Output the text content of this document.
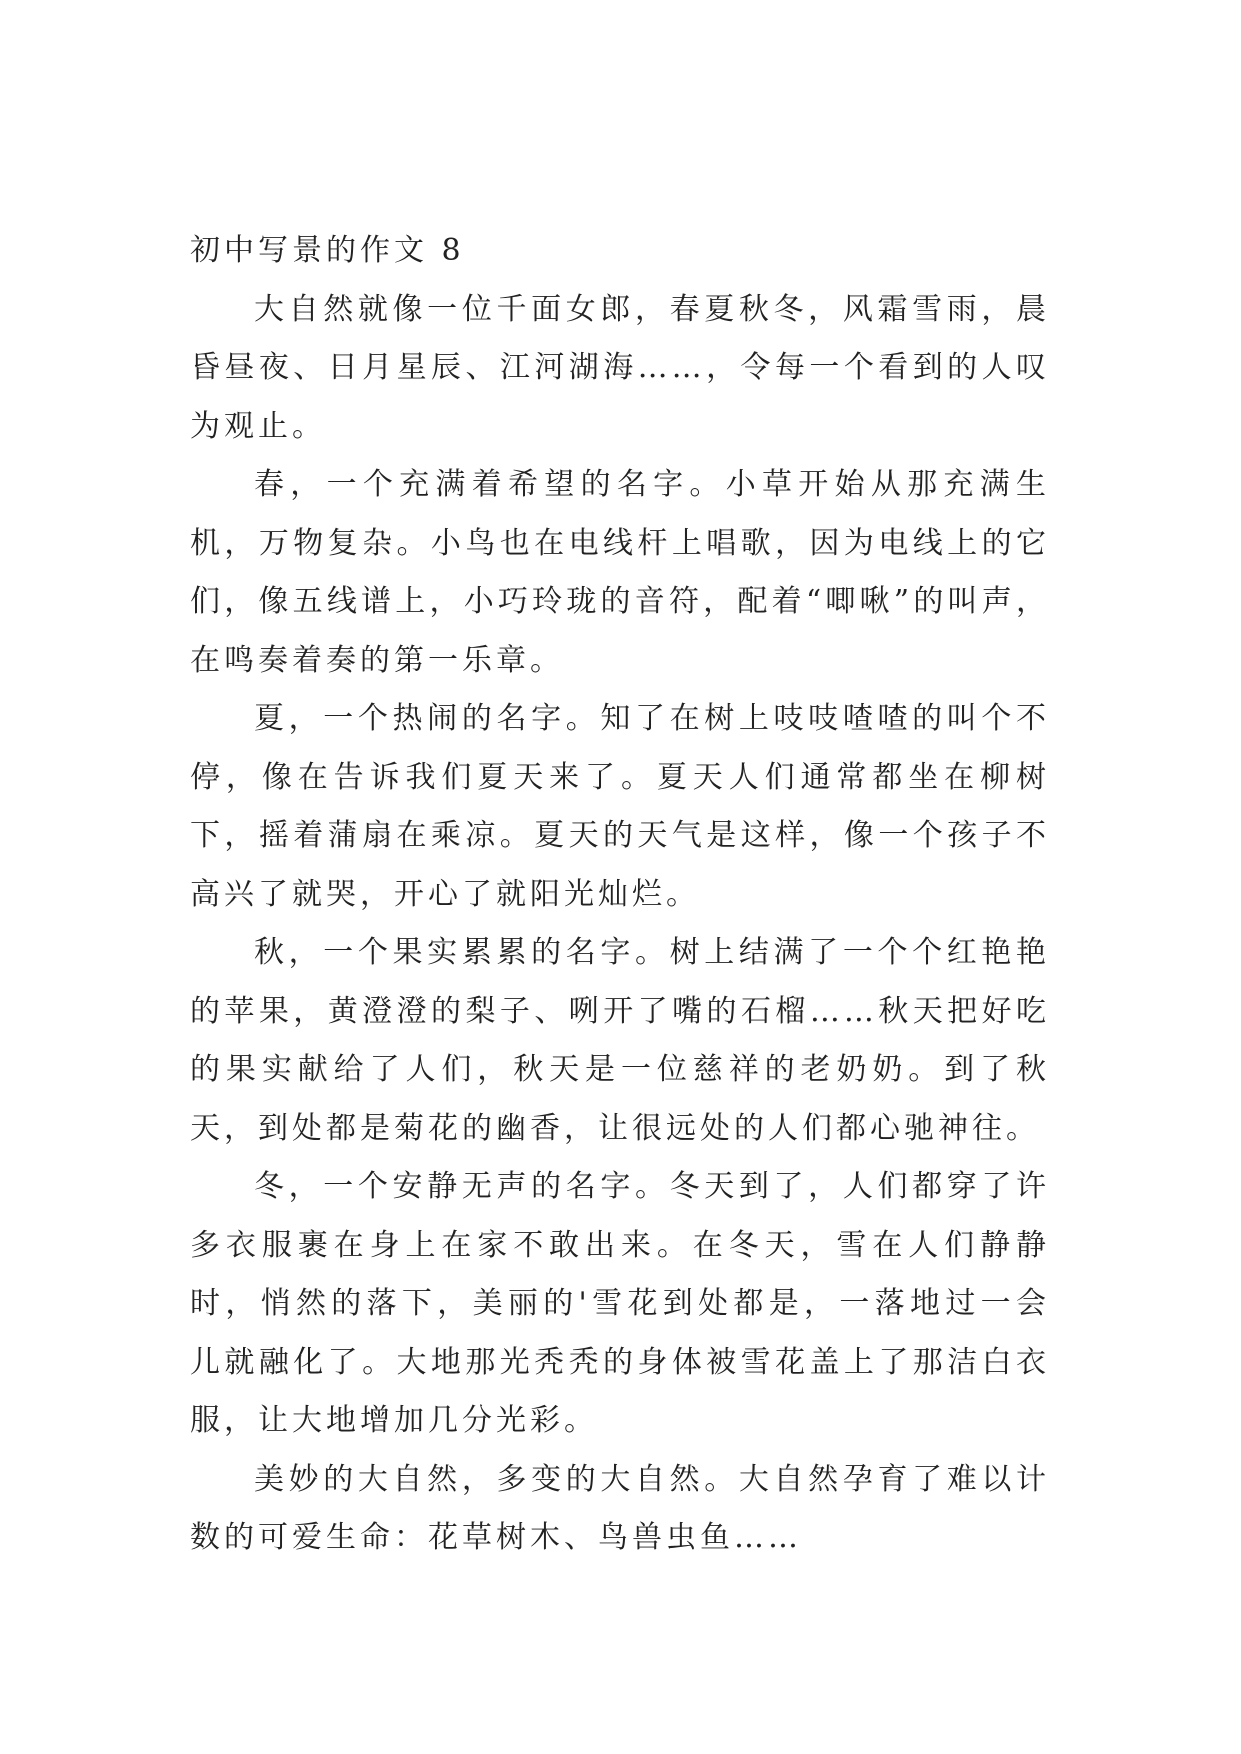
初中写景的作文 8

大自然就像一位千面女郎，春夏秋冬，风霜雪雨，晨昏昼夜、日月星辰、江河湖海……，令每一个看到的人叹为观止。

春，一个充满着希望的名字。小草开始从那充满生机，万物复杂。小鸟也在电线杆上唱歌，因为电线上的它们，像五线谱上，小巧玲珑的音符，配着“唧啾”的叫声，在鸣奏着奏的第一乐章。

夏，一个热闹的名字。知了在树上吱吱喳喳的叫个不停，像在告诉我们夏天来了。夏天人们通常都坐在柳树下，摇着蒲扇在乘凉。夏天的天气是这样，像一个孩子不高兴了就哭，开心了就阳光灿烂。

秋，一个果实累累的名字。树上结满了一个个红艳艳的苹果，黄澄澄的梨子、咧开了嘴的石榴……秋天把好吃的果实献给了人们，秋天是一位慈祥的老奶奶。到了秋天，到处都是菊花的幽香，让很远处的人们都心驰神往。

冬，一个安静无声的名字。冬天到了，人们都穿了许多衣服裹在身上在家不敢出来。在冬天，雪在人们静静时，悄然的落下，美丽的'雪花到处都是，一落地过一会儿就融化了。大地那光秃秃的身体被雪花盖上了那洁白衣服，让大地增加几分光彩。

美妙的大自然，多变的大自然。大自然孕育了难以计数的可爱生命：花草树木、鸟兽虫鱼……
